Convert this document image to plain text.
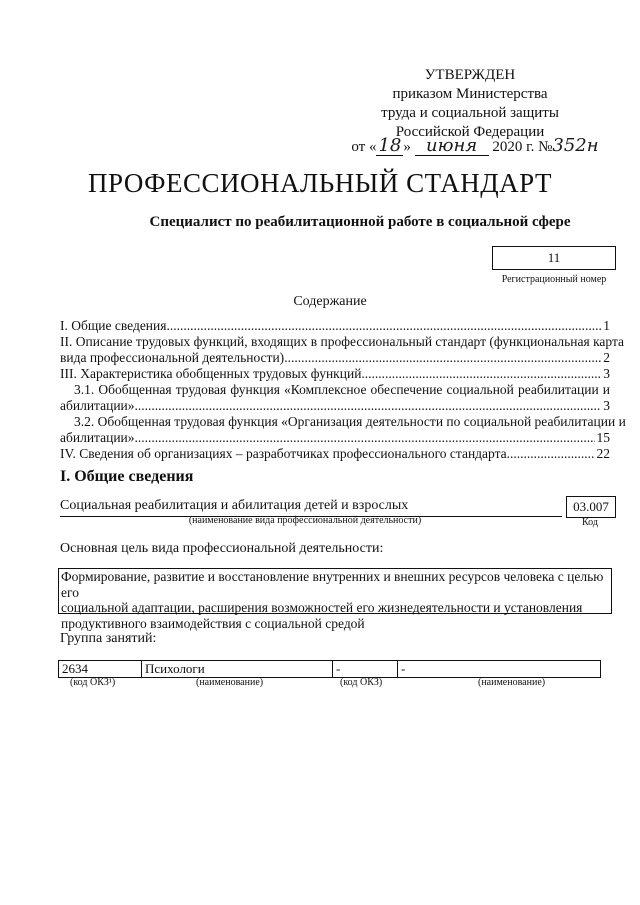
УТВЕРЖДЕН
приказом Министерства
труда и социальной защиты
Российской Федерации
от « 18 » июня 2020 г. №352н
ПРОФЕССИОНАЛЬНЫЙ СТАНДАРТ
Специалист по реабилитационной работе в социальной сфере
11
Регистрационный номер
Содержание
I. Общие сведения .....	1
II. Описание трудовых функций, входящих в профессиональный стандарт (функциональная карта
вида профессиональной деятельности) .....	2
III. Характеристика обобщенных трудовых функций .....	3
3.1. Обобщенная трудовая функция «Комплексное обеспечение социальной реабилитации и
абилитации» .....	3
3.2. Обобщенная трудовая функция «Организация деятельности по социальной реабилитации и
абилитации» .....	15
IV. Сведения об организациях – разработчиках профессионального стандарта .....	22
I. Общие сведения
Социальная реабилитация и абилитация детей и взрослых
(наименование вида профессиональной деятельности)
03.007
Код
Основная цель вида профессиональной деятельности:
Формирование, развитие и восстановление внутренних и внешних ресурсов человека с целью его
социальной адаптации, расширения возможностей его жизнедеятельности и установления
продуктивного взаимодействия с социальной средой
Группа занятий:
2634	Психологи	-	-
(код ОКЗ¹)	(наименование)	(код ОКЗ)	(наименование)
